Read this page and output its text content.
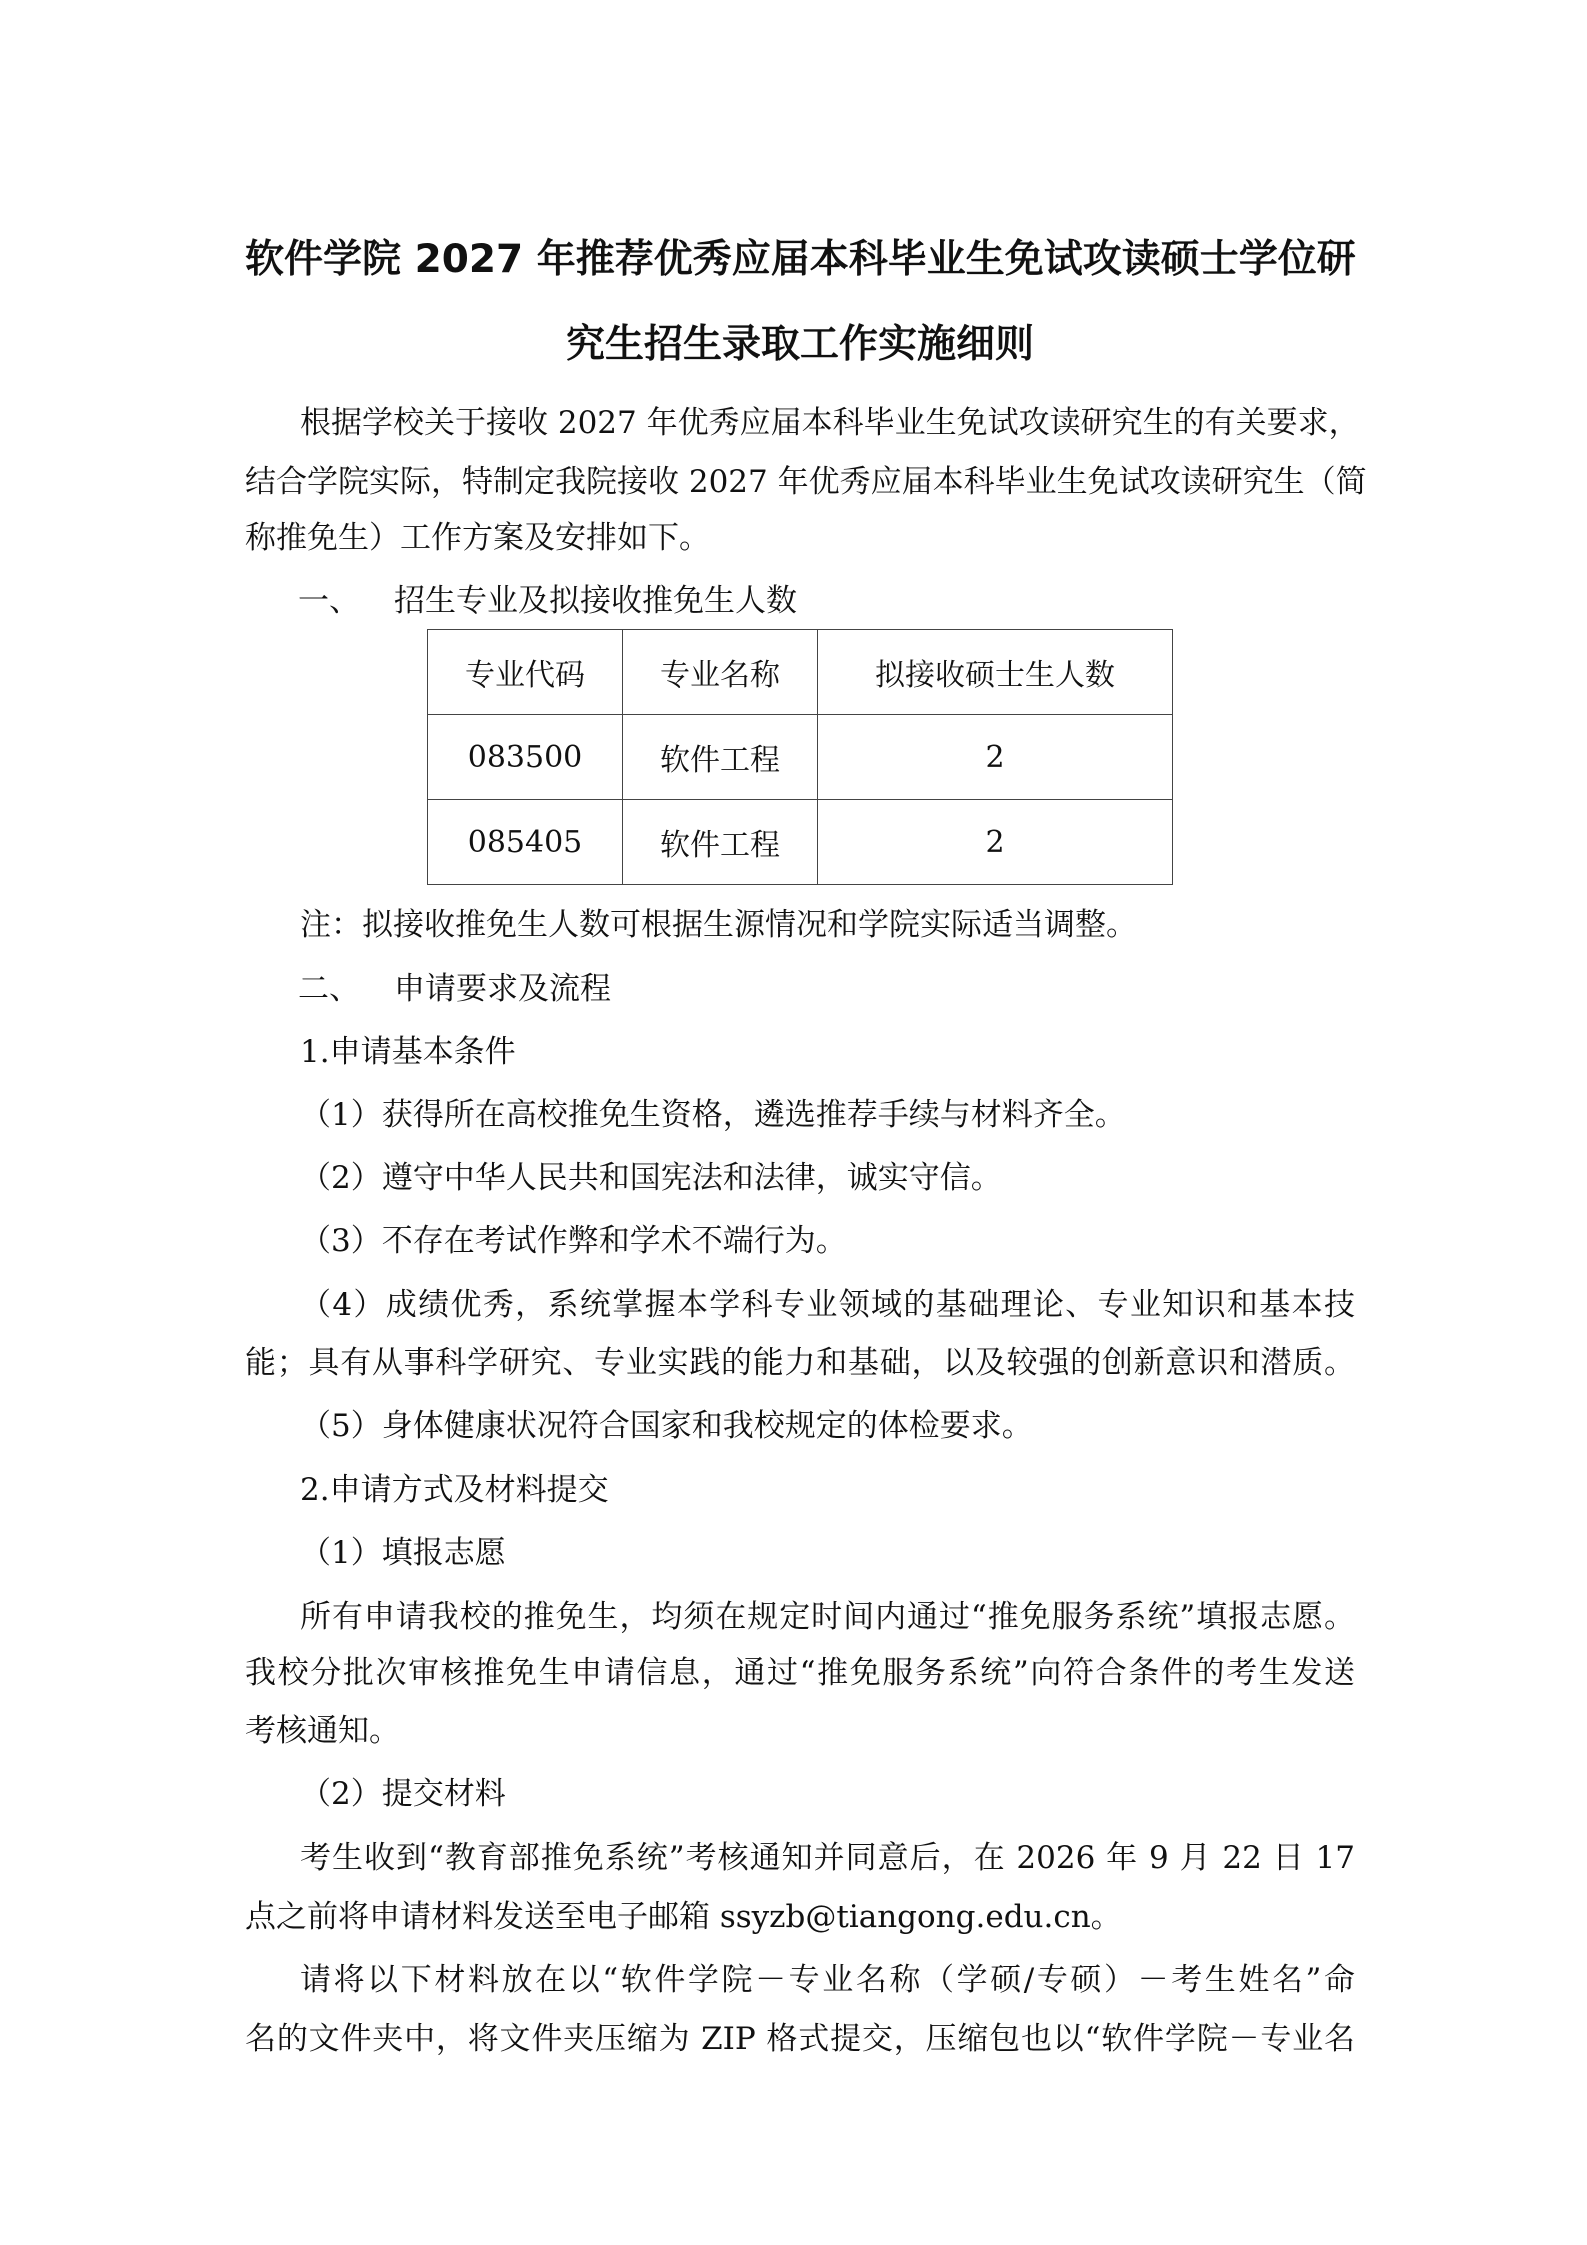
软件学院 2027 年推荐优秀应届本科毕业生免试攻读硕士学位研
究生招生录取工作实施细则
根据学校关于接收 2027 年优秀应届本科毕业生免试攻读研究生的有关要求，
结合学院实际，特制定我院接收 2027 年优秀应届本科毕业生免试攻读研究生（简
称推免生）工作方案及安排如下。
一、 招生专业及拟接收推免生人数
专业代码	专业名称	拟接收硕士生人数
083500	软件工程	2
085405	软件工程	2
注：拟接收推免生人数可根据生源情况和学院实际适当调整。
二、 申请要求及流程
1.申请基本条件
（1）获得所在高校推免生资格，遴选推荐手续与材料齐全。
（2）遵守中华人民共和国宪法和法律，诚实守信。
（3）不存在考试作弊和学术不端行为。
（4）成绩优秀，系统掌握本学科专业领域的基础理论、专业知识和基本技
能；具有从事科学研究、专业实践的能力和基础，以及较强的创新意识和潜质。
（5）身体健康状况符合国家和我校规定的体检要求。
2.申请方式及材料提交
（1）填报志愿
所有申请我校的推免生，均须在规定时间内通过“推免服务系统”填报志愿。
我校分批次审核推免生申请信息，通过“推免服务系统”向符合条件的考生发送
考核通知。
（2）提交材料
考生收到“教育部推免系统”考核通知并同意后，在 2026 年 9 月 22 日 17
点之前将申请材料发送至电子邮箱 ssyzb@tiangong.edu.cn。
请将以下材料放在以“软件学院－专业名称（学硕/专硕）－考生姓名”命
名的文件夹中，将文件夹压缩为 ZIP 格式提交，压缩包也以“软件学院－专业名
